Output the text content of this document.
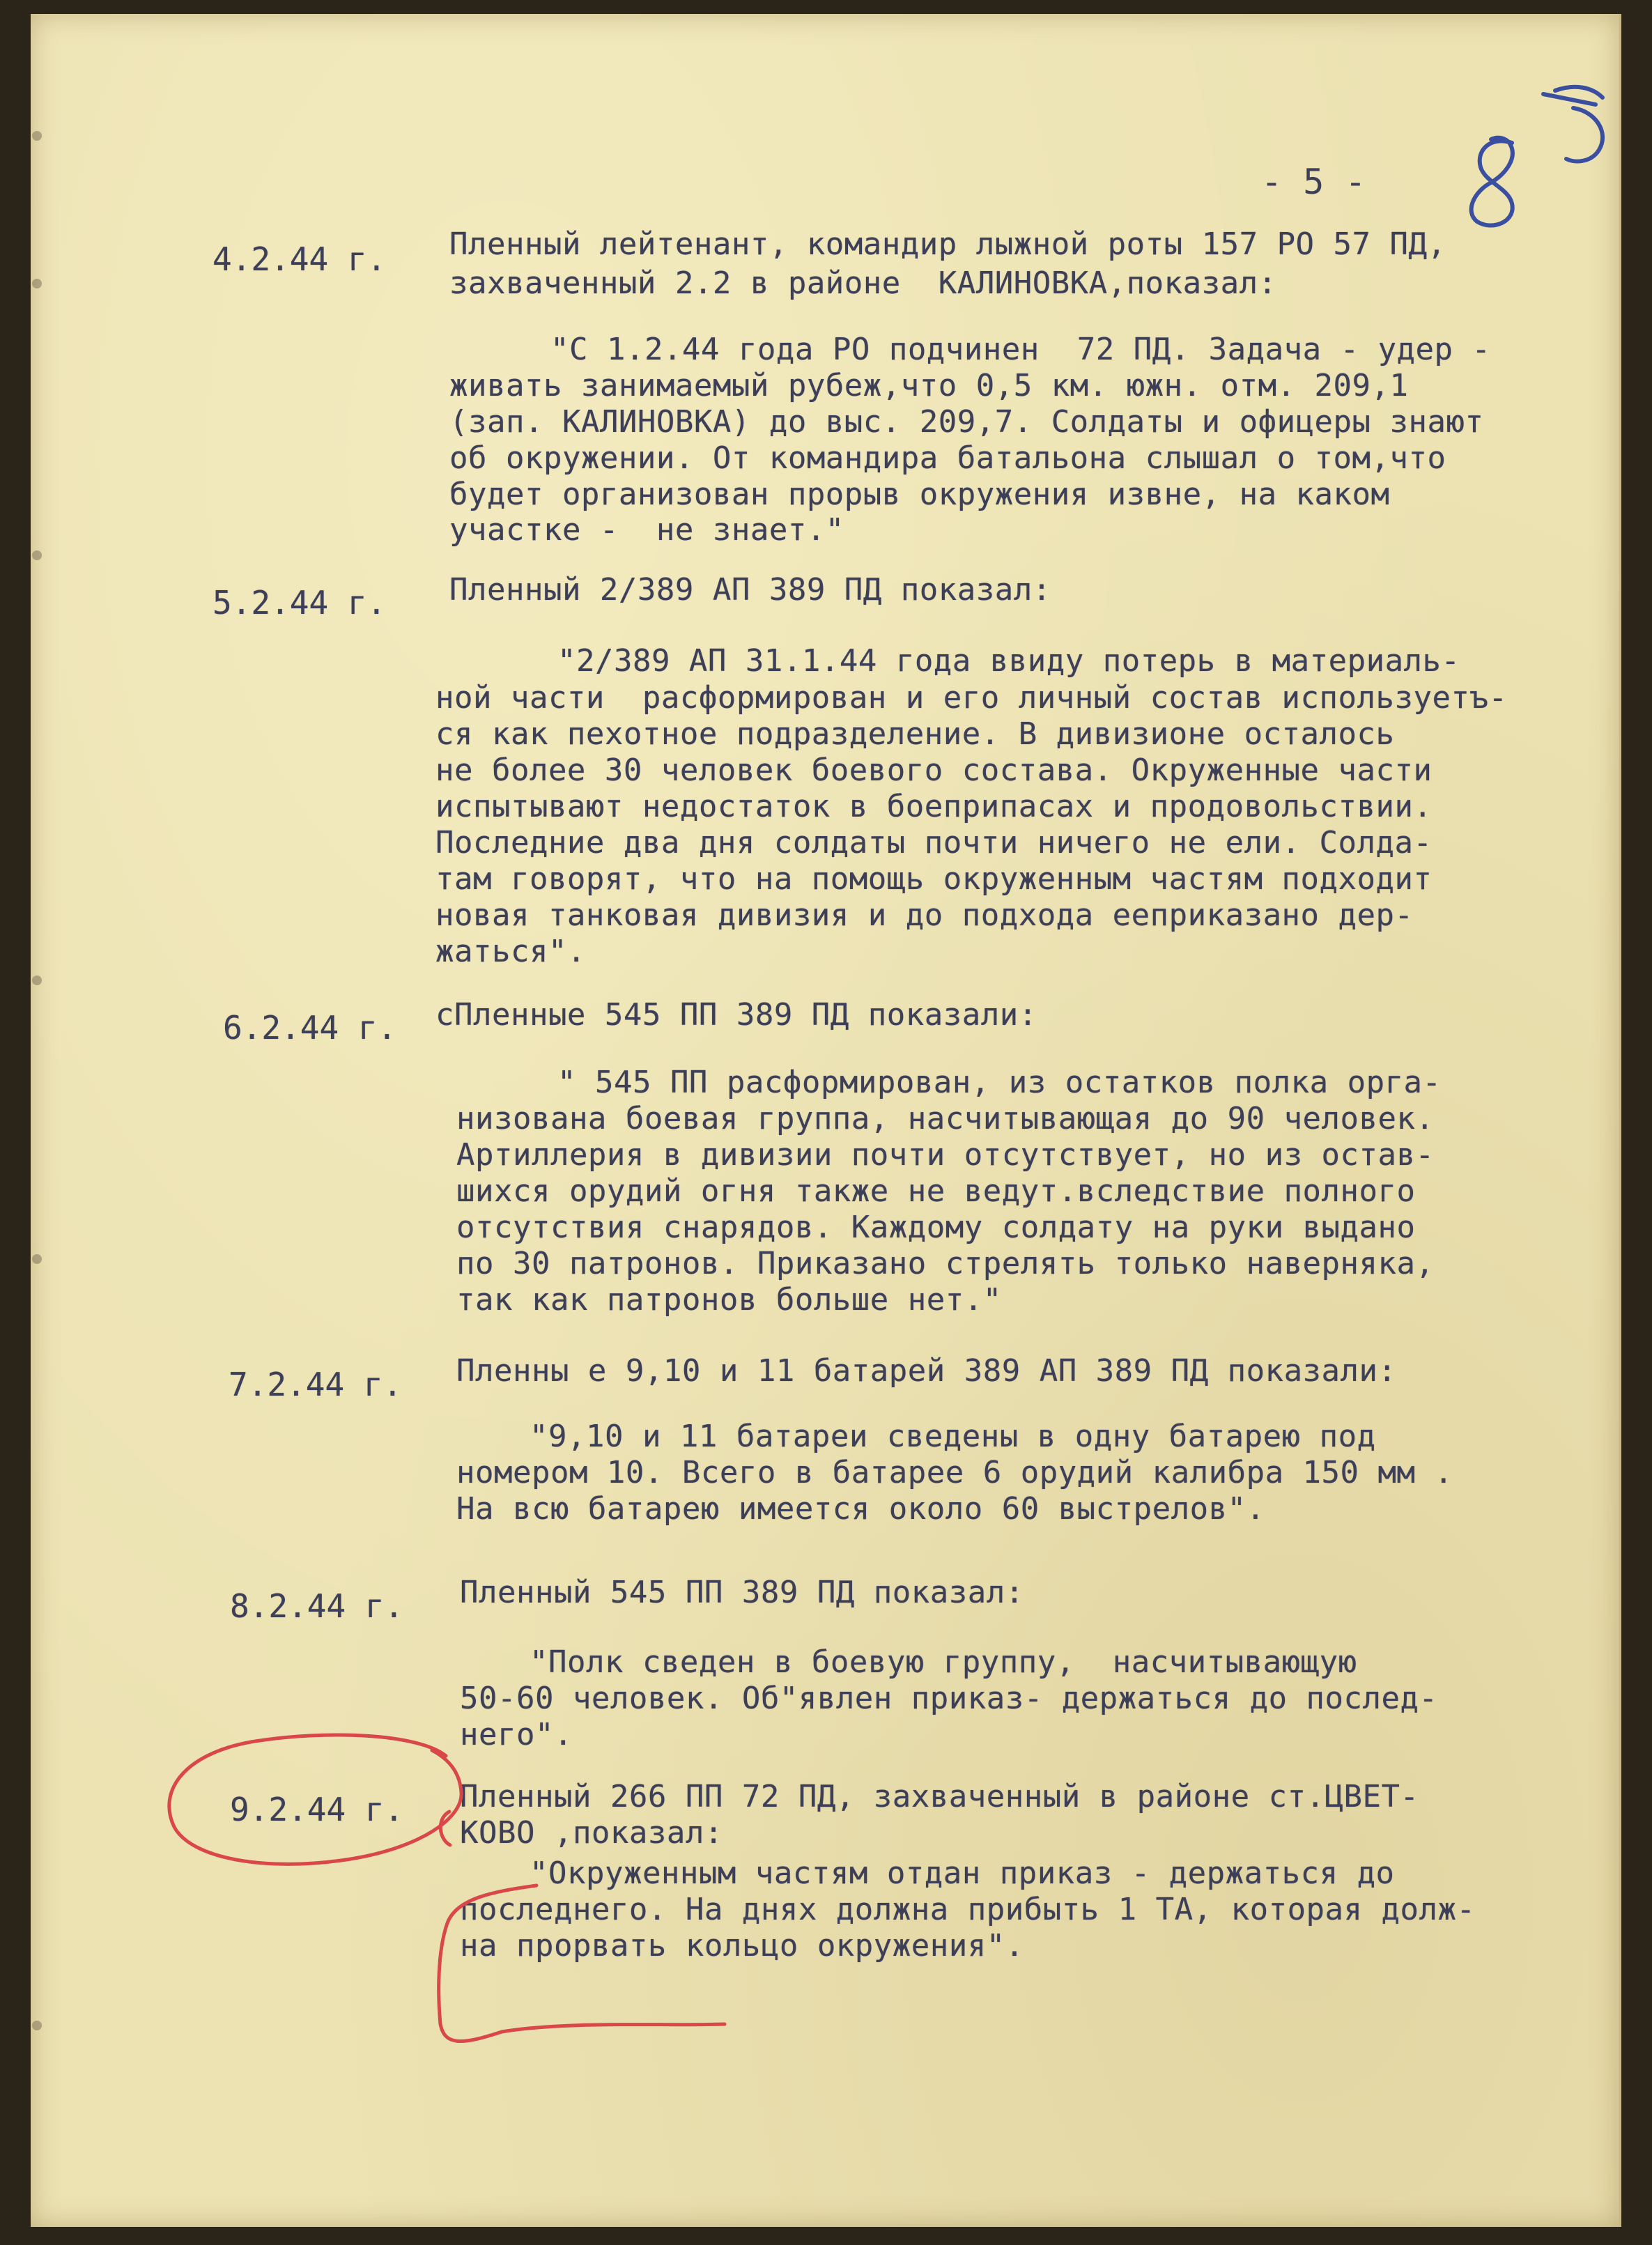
- 5 -
4.2.44 г. Пленный лейтенант, командир лыжной роты 157 РО 57 ПД,
захваченный 2.2 в районе  КАЛИНОВКА,показал:
"С 1.2.44 года РО подчинен  72 ПД. Задача - удер -
живать занимаемый рубеж,что 0,5 км. южн. отм. 209,1
(зап. КАЛИНОВКА) до выс. 209,7. Солдаты и офицеры знают
об окружении. От командира батальона слышал о том,что
будет организован прорыв окружения извне, на каком
участке -  не знает."
5.2.44 г. Пленный 2/389 АП 389 ПД показал:
"2/389 АП 31.1.44 года ввиду потерь в материаль-
ной части  расформирован и его личный состав используетъ-
ся как пехотное подразделение. В дивизионе осталось
не более 30 человек боевого состава. Окруженные части
испытывают недостаток в боеприпасах и продовольствии.
Последние два дня солдаты почти ничего не ели. Солда-
там говорят, что на помощь окруженным частям подходит
новая танковая дивизия и до подхода ееприказано дер-
жаться".
6.2.44 г. сПленные 545 ПП 389 ПД показали:
" 545 ПП расформирован, из остатков полка орга-
низована боевая группа, насчитывающая до 90 человек.
Артиллерия в дивизии почти отсутствует, но из остав-
шихся орудий огня также не ведут.вследствие полного
отсутствия снарядов. Каждому солдату на руки выдано
по 30 патронов. Приказано стрелять только наверняка,
так как патронов больше нет."
7.2.44 г. Пленны е 9,10 и 11 батарей 389 АП 389 ПД показали:
"9,10 и 11 батареи сведены в одну батарею под
номером 10. Всего в батарее 6 орудий калибра 150 мм .
На всю батарею имеется около 60 выстрелов".
8.2.44 г. Пленный 545 ПП 389 ПД показал:
"Полк сведен в боевую группу,  насчитывающую
50-60 человек. Об"явлен приказ- держаться до послед-
него".
9.2.44 г. Пленный 266 ПП 72 ПД, захваченный в районе ст.ЦВЕТ-
КОВО ,показал:
"Окруженным частям отдан приказ - держаться до
последнего. На днях должна прибыть 1 ТА, которая долж-
на прорвать кольцо окружения".
